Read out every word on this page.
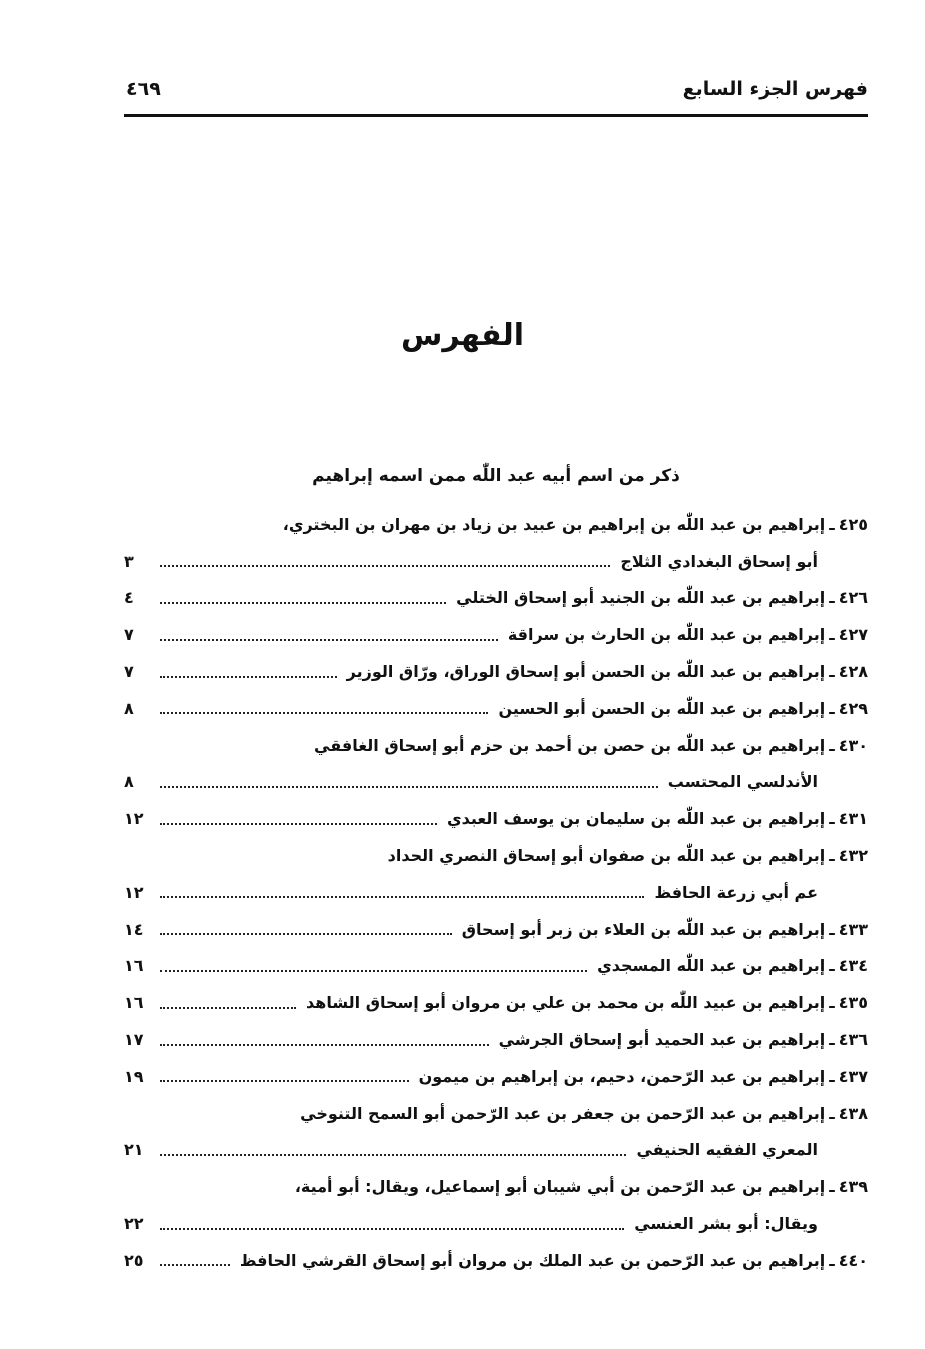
فهرس الجزء السابع
٤٦٩
الفهرس
ذكر من اسم أبيه عبد اللّٰه ممن اسمه إبراهيم
٤٢٥
ـ
إبراهيم بن عبد اللّٰه بن إبراهيم بن عبيد بن زياد بن مهران بن البختري،
أبو إسحاق البغدادي الثلاج
٣
٤٢٦
ـ
إبراهيم بن عبد اللّٰه بن الجنيد أبو إسحاق الختلي
٤
٤٢٧
ـ
إبراهيم بن عبد اللّٰه بن الحارث بن سراقة
٧
٤٢٨
ـ
إبراهيم بن عبد اللّٰه بن الحسن أبو إسحاق الوراق، ورّاق الوزير
٧
٤٢٩
ـ
إبراهيم بن عبد اللّٰه بن الحسن أبو الحسين
٨
٤٣٠
ـ
إبراهيم بن عبد اللّٰه بن حصن بن أحمد بن حزم أبو إسحاق الغافقي
الأندلسي المحتسب
٨
٤٣١
ـ
إبراهيم بن عبد اللّٰه بن سليمان بن يوسف العبدي
١٢
٤٣٢
ـ
إبراهيم بن عبد اللّٰه بن صفوان أبو إسحاق النصري الحداد
عم أبي زرعة الحافظ
١٢
٤٣٣
ـ
إبراهيم بن عبد اللّٰه بن العلاء بن زبر أبو إسحاق
١٤
٤٣٤
ـ
إبراهيم بن عبد اللّٰه المسجدي
١٦
٤٣٥
ـ
إبراهيم بن عبيد اللّٰه بن محمد بن علي بن مروان أبو إسحاق الشاهد
١٦
٤٣٦
ـ
إبراهيم بن عبد الحميد أبو إسحاق الجرشي
١٧
٤٣٧
ـ
إبراهيم بن عبد الرّحمن، دحيم، بن إبراهيم بن ميمون
١٩
٤٣٨
ـ
إبراهيم بن عبد الرّحمن بن جعفر بن عبد الرّحمن أبو السمح التنوخي
المعري الفقيه الحنيفي
٢١
٤٣٩
ـ
إبراهيم بن عبد الرّحمن بن أبي شيبان أبو إسماعيل، ويقال: أبو أمية،
ويقال: أبو بشر العنسي
٢٢
٤٤٠
ـ
إبراهيم بن عبد الرّحمن بن عبد الملك بن مروان أبو إسحاق القرشي الحافظ
٢٥
